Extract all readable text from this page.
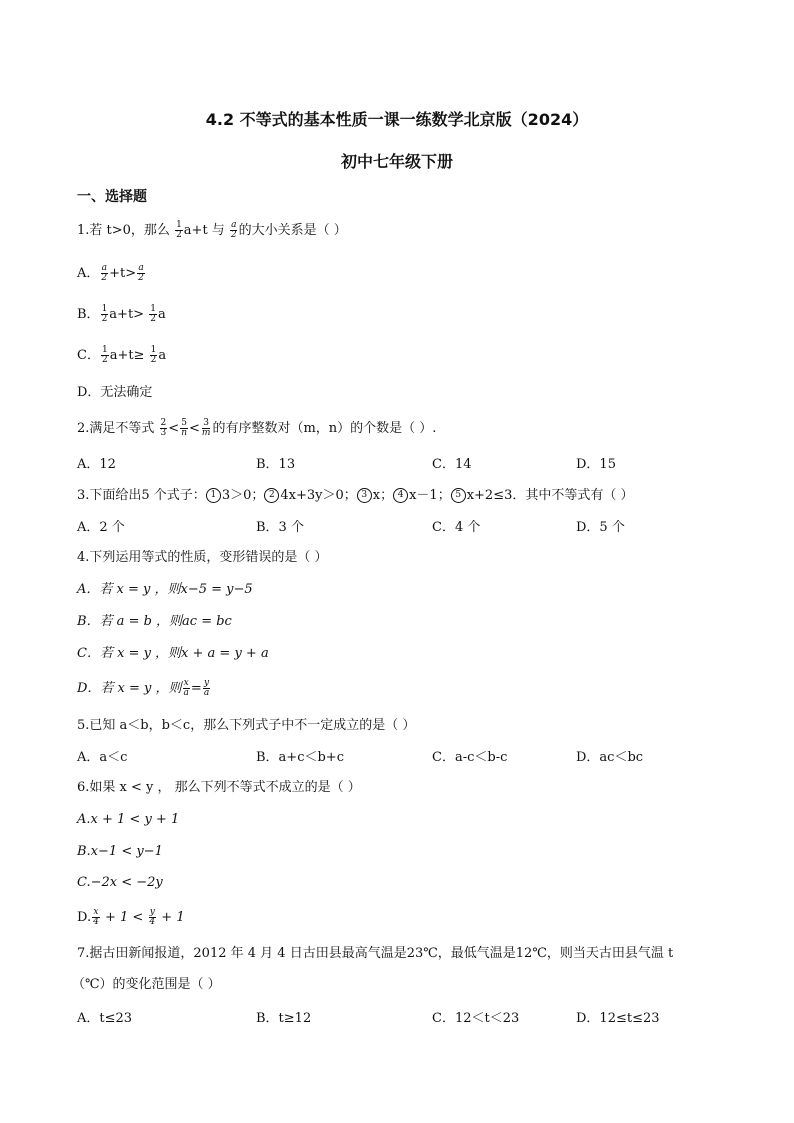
4.2 不等式的基本性质一课一练数学北京版（2024）
初中七年级下册
一、选择题
1.若 t>0，那么 $\frac{1}{2} a+t$ 与 $\frac{a}{2}$ 的大小关系是（ ）
A． $\frac{a}{2} +t> \frac{a}{2}$
B． $\frac{1}{2} a+t> \frac{1}{2}$ a
C． $\frac{1}{2} a+t\ge \frac{1}{2}$ a
D．无法确定
2.满足不等式 $\frac{2}{3} < \frac{5}{n} < \frac{3}{m}$ 的有序整数对（m，n）的个数是（ ）.
A．12	B．13	C．14	D．15
3.下面给出5 个式子： 1 3＞0； 2 4x+3y＞0； 3 x； 4 x－1； 5 x+2≤3．其中不等式有（ ）
A．2 个	B．3 个	C．4 个	D．5 个
4.下列运用等式的性质，变形错误的是（ ）
A．若 x = y ，则x−5 = y−5
B．若 a = b ，则ac = bc
C．若 x = y ，则x + a = y + a
D．若 x = y ，则 $\frac{x}{a} = \frac{y}{a}$
5.已知 a＜b，b＜c，那么下列式子中不一定成立的是（ ）
A．a＜c	B．a+c＜b+c	C．a-c＜b-c	D．ac＜bc
6.如果 x < y ， 那么下列不等式不成立的是（ ）
A.x + 1 < y + 1
B.x−1 < y−1
C.−2x < −2y
D. $\frac{x}{4} + 1 < \frac{y}{4} + 1$
7.据古田新闻报道，2012 年 4 月 4 日古田县最高气温是23℃，最低气温是12℃，则当天古田县气温 t
（℃）的变化范围是（ ）
A．t≤23	B．t≥12	C．12＜t＜23	D．12≤t≤23
